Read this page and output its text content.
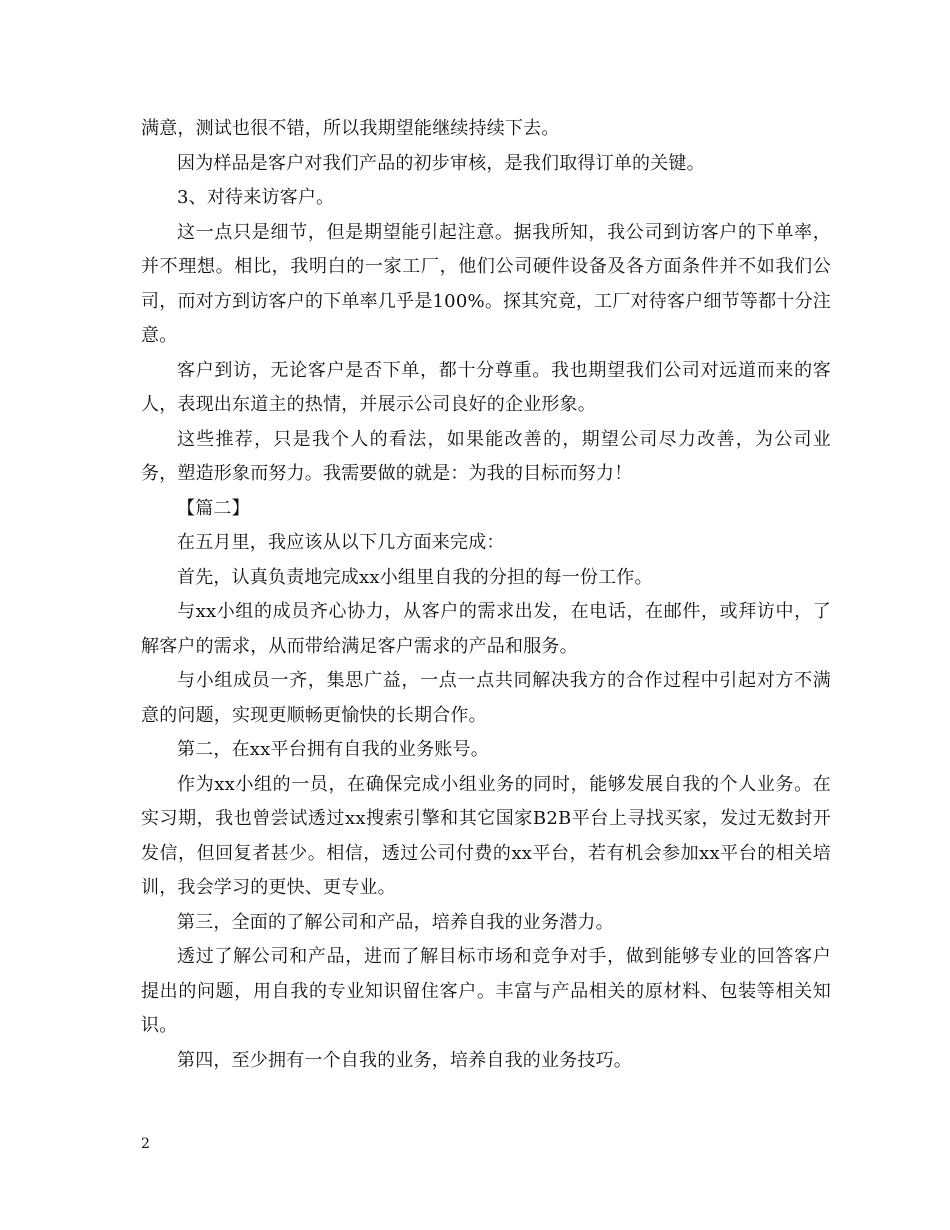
满意，测试也很不错，所以我期望能继续持续下去。

因为样品是客户对我们产品的初步审核，是我们取得订单的关键。

3、对待来访客户。

这一点只是细节，但是期望能引起注意。据我所知，我公司到访客户的下单率，并不理想。相比，我明白的一家工厂，他们公司硬件设备及各方面条件并不如我们公司，而对方到访客户的下单率几乎是100%。探其究竟，工厂对待客户细节等都十分注意。

客户到访，无论客户是否下单，都十分尊重。我也期望我们公司对远道而来的客人，表现出东道主的热情，并展示公司良好的企业形象。

这些推荐，只是我个人的看法，如果能改善的，期望公司尽力改善，为公司业务，塑造形象而努力。我需要做的就是：为我的目标而努力！

【篇二】

在五月里，我应该从以下几方面来完成：

首先，认真负责地完成xx小组里自我的分担的每一份工作。

与xx小组的成员齐心协力，从客户的需求出发，在电话，在邮件，或拜访中，了解客户的需求，从而带给满足客户需求的产品和服务。

与小组成员一齐，集思广益，一点一点共同解决我方的合作过程中引起对方不满意的问题，实现更顺畅更愉快的长期合作。

第二，在xx平台拥有自我的业务账号。

作为xx小组的一员，在确保完成小组业务的同时，能够发展自我的个人业务。在实习期，我也曾尝试透过xx搜索引擎和其它国家B2B平台上寻找买家，发过无数封开发信，但回复者甚少。相信，透过公司付费的xx平台，若有机会参加xx平台的相关培训，我会学习的更快、更专业。

第三，全面的了解公司和产品，培养自我的业务潜力。

透过了解公司和产品，进而了解目标市场和竞争对手，做到能够专业的回答客户提出的问题，用自我的专业知识留住客户。丰富与产品相关的原材料、包装等相关知识。

第四，至少拥有一个自我的业务，培养自我的业务技巧。

2
